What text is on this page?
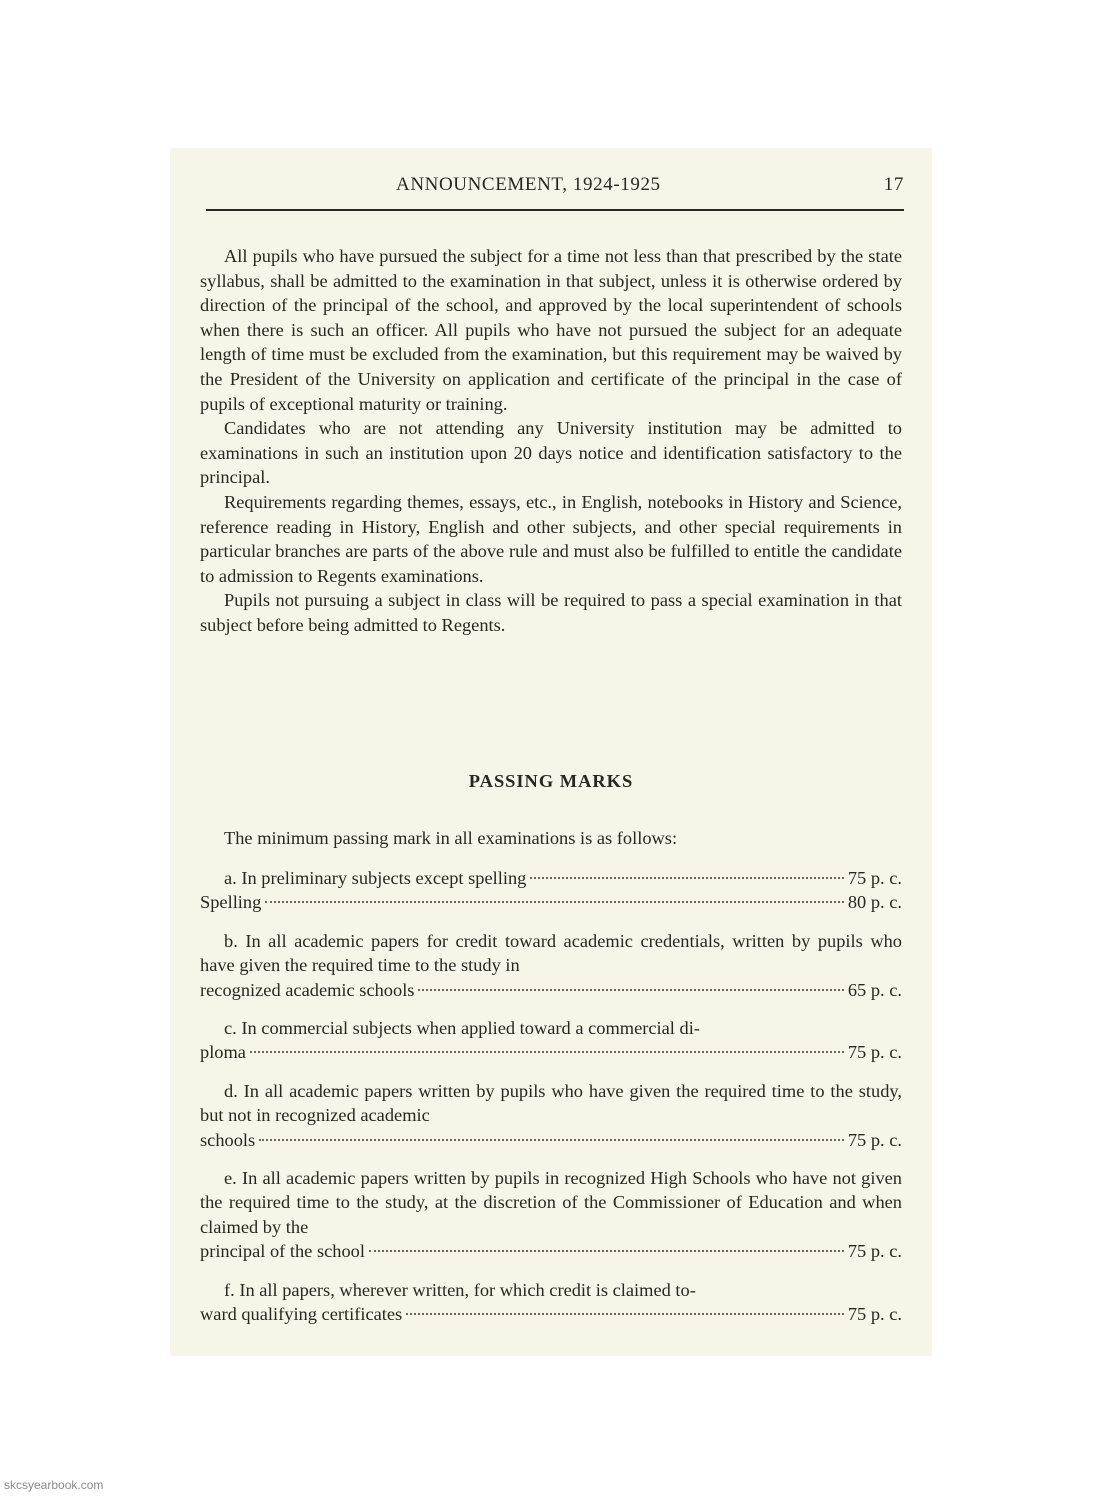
ANNOUNCEMENT, 1924-1925	17

All pupils who have pursued the subject for a time not less than that prescribed by the state syllabus, shall be admitted to the examination in that subject, unless it is otherwise ordered by direction of the principal of the school, and approved by the local superintendent of schools when there is such an officer. All pupils who have not pursued the subject for an adequate length of time must be excluded from the examination, but this requirement may be waived by the President of the University on application and certificate of the principal in the case of pupils of exceptional maturity or training.

Candidates who are not attending any University institution may be admitted to examinations in such an institution upon 20 days notice and identification satisfactory to the principal.

Requirements regarding themes, essays, etc., in English, notebooks in History and Science, reference reading in History, English and other subjects, and other special requirements in particular branches are parts of the above rule and must also be fulfilled to entitle the candidate to admission to Regents examinations.

Pupils not pursuing a subject in class will be required to pass a special examination in that subject before being admitted to Regents.

PASSING MARKS
The minimum passing mark in all examinations is as follows:
a. In preliminary subjects except spelling	75 p. c.
Spelling	80 p. c.
b. In all academic papers for credit toward academic credentials, written by pupils who have given the required time to the study in
recognized academic schools	65 p. c.
c. In commercial subjects when applied toward a commercial di-
ploma	75 p. c.
d. In all academic papers written by pupils who have given the required time to the study, but not in recognized academic
schools	75 p. c.
e. In all academic papers written by pupils in recognized High Schools who have not given the required time to the study, at the discretion of the Commissioner of Education and when claimed by the
principal of the school	75 p. c.
f. In all papers, wherever written, for which credit is claimed to-
ward qualifying certificates	75 p. c.
skcsyearbook.com
